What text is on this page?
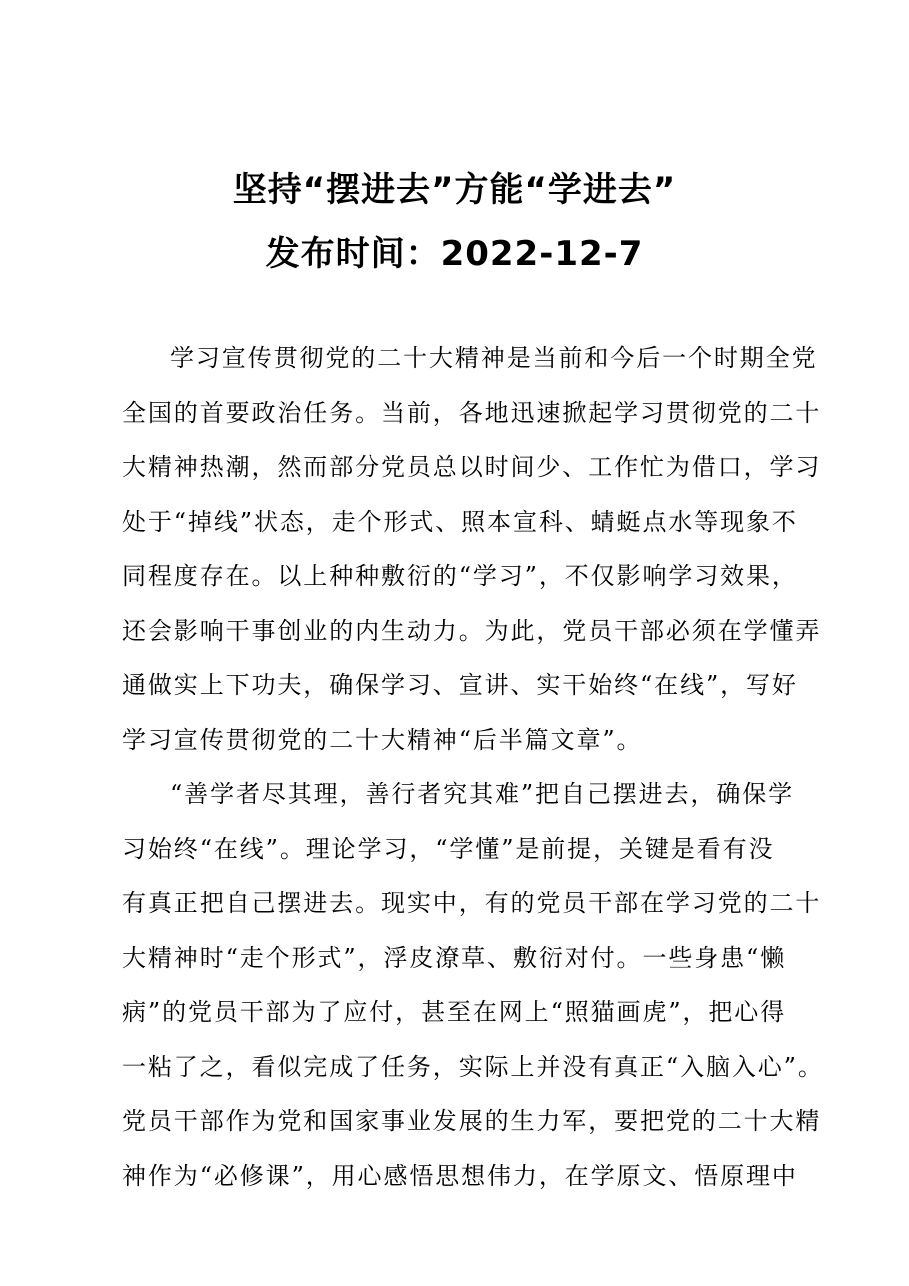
坚持“摆进去”方能“学进去”
发布时间：2022-12-7
学习宣传贯彻党的二十大精神是当前和今后一个时期全党
全国的首要政治任务。当前，各地迅速掀起学习贯彻党的二十
大精神热潮，然而部分党员总以时间少、工作忙为借口，学习
处于“掉线”状态，走个形式、照本宣科、蜻蜓点水等现象不
同程度存在。以上种种敷衍的“学习”，不仅影响学习效果，
还会影响干事创业的内生动力。为此，党员干部必须在学懂弄
通做实上下功夫，确保学习、宣讲、实干始终“在线”，写好
学习宣传贯彻党的二十大精神“后半篇文章”。
“善学者尽其理，善行者究其难”把自己摆进去，确保学
习始终“在线”。理论学习，“学懂”是前提，关键是看有没
有真正把自己摆进去。现实中，有的党员干部在学习党的二十
大精神时“走个形式”，浮皮潦草、敷衍对付。一些身患“懒
病”的党员干部为了应付，甚至在网上“照猫画虎”，把心得
一粘了之，看似完成了任务，实际上并没有真正“入脑入心”。
党员干部作为党和国家事业发展的生力军，要把党的二十大精
神作为“必修课”，用心感悟思想伟力，在学原文、悟原理中
